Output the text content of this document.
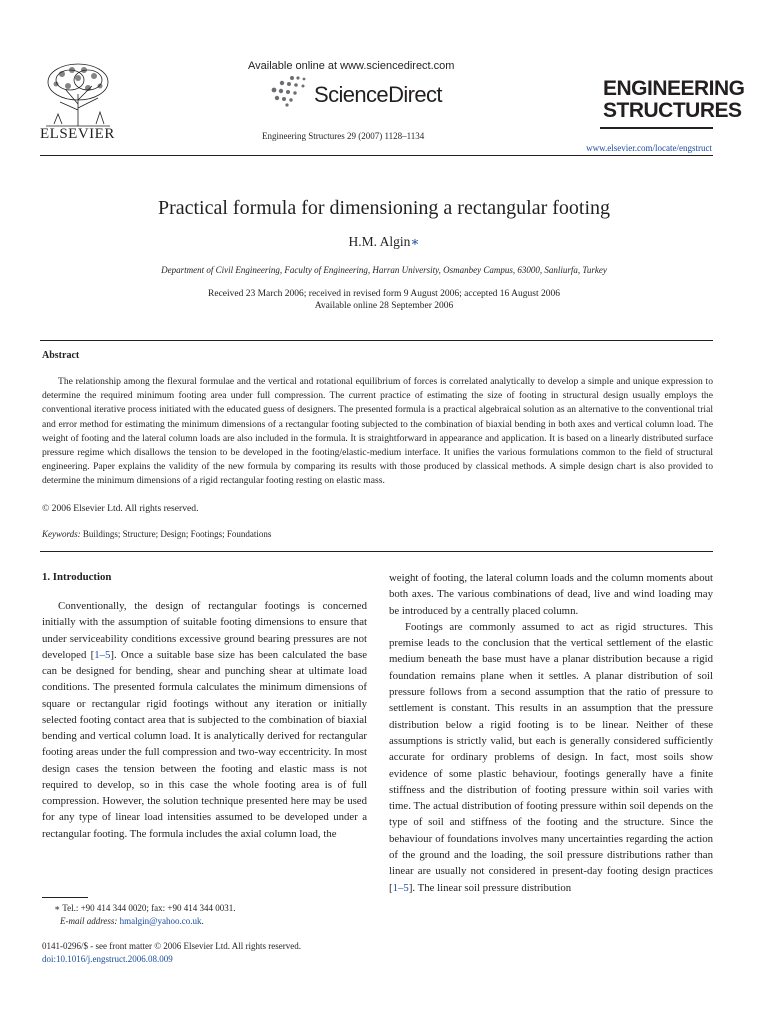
ELSEVIER
Available online at www.sciencedirect.com
ScienceDirect
Engineering Structures 29 (2007) 1128–1134
ENGINEERING
STRUCTURES
www.elsevier.com/locate/engstruct
Practical formula for dimensioning a rectangular footing
H.M. Algin∗
Department of Civil Engineering, Faculty of Engineering, Harran University, Osmanbey Campus, 63000, Sanliurfa, Turkey
Received 23 March 2006; received in revised form 9 August 2006; accepted 16 August 2006
Available online 28 September 2006
Abstract
The relationship among the flexural formulae and the vertical and rotational equilibrium of forces is correlated analytically to develop a simple and unique expression to determine the required minimum footing area under full compression. The current practice of estimating the size of footing in structural design usually employs the conventional iterative process initiated with the educated guess of designers. The presented formula is a practical algebraical solution as an alternative to the conventional trial and error method for estimating the minimum dimensions of a rectangular footing subjected to the combination of biaxial bending in both axes and vertical column load. The weight of footing and the lateral column loads are also included in the formula. It is straightforward in appearance and application. It is based on a linearly distributed surface pressure regime which disallows the tension to be developed in the footing/elastic-medium interface. It unifies the various formulations common to the field of structural engineering. Paper explains the validity of the new formula by comparing its results with those produced by classical methods. A simple design chart is also provided to determine the minimum dimensions of a rigid rectangular footing resting on elastic mass.
© 2006 Elsevier Ltd. All rights reserved.
Keywords: Buildings; Structure; Design; Footings; Foundations
1. Introduction

Conventionally, the design of rectangular footings is concerned initially with the assumption of suitable footing dimensions to ensure that under serviceability conditions excessive ground bearing pressures are not developed [1–5]. Once a suitable base size has been calculated the base can be designed for bending, shear and punching shear at ultimate load conditions. The presented formula calculates the minimum dimensions of square or rectangular rigid footings without any iteration or initially selected footing contact area that is subjected to the combination of biaxial bending and vertical column load. It is analytically derived for rectangular footing areas under the full compression and two-way eccentricity. In most design cases the tension between the footing and elastic mass is not required to develop, so in this case the whole footing area is of full compression. However, the solution technique presented here may be used for any type of linear load intensities assumed to be developed under a rectangular footing. The formula includes the axial column load, the

weight of footing, the lateral column loads and the column moments about both axes. The various combinations of dead, live and wind loading may be introduced by a centrally placed column.

Footings are commonly assumed to act as rigid structures. This premise leads to the conclusion that the vertical settlement of the elastic medium beneath the base must have a planar distribution because a rigid foundation remains plane when it settles. A planar distribution of soil pressure follows from a second assumption that the ratio of pressure to settlement is constant. This results in an assumption that the pressure distribution below a rigid footing is to be linear. Neither of these assumptions is strictly valid, but each is generally considered sufficiently accurate for ordinary problems of design. In fact, most soils show evidence of some plastic behaviour, footings generally have a finite stiffness and the distribution of footing pressure within soil varies with time. The actual distribution of footing pressure within soil depends on the type of soil and stiffness of the footing and the structure. Since the behaviour of foundations involves many uncertainties regarding the action of the ground and the loading, the soil pressure distributions rather than linear are usually not considered in present-day footing design practices [1–5]. The linear soil pressure distribution

∗ Tel.: +90 414 344 0020; fax: +90 414 344 0031.
E-mail address: hmalgin@yahoo.co.uk.
0141-0296/$ - see front matter © 2006 Elsevier Ltd. All rights reserved.
doi:10.1016/j.engstruct.2006.08.009
